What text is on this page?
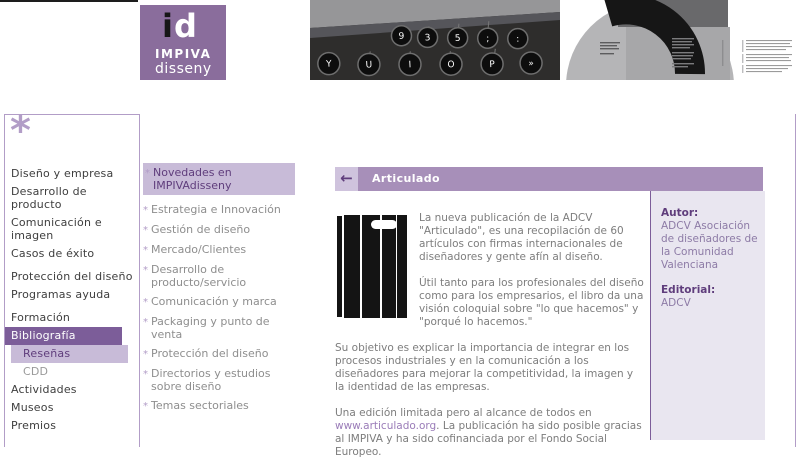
id
IMPIVA
disseny
9 3	5	;	:
Y	U	I	O	P	»
*
Diseño y empresa
Desarrollo de producto
Comunicación e imagen
Casos de éxito
Protección del diseño
Programas ayuda
Formación
Bibliografía
Reseñas
CDD
Actividades
Museos
Premios
* Novedades en IMPIVAdisseny
* Estrategia e Innovación
* Gestión de diseño
* Mercado/Clientes
* Desarrollo de producto/servicio
* Comunicación y marca
* Packaging y punto de venta
* Protección del diseño
* Directorios y estudios sobre diseño
* Temas sectoriales
←	Articulado

La nueva publicación de la ADCV "Articulado", es una recopilación de 60 artículos con firmas internacionales de diseñadores y gente afín al diseño.

Útil tanto para los profesionales del diseño como para los empresarios, el libro da una visión coloquial sobre "lo que hacemos" y "porqué lo hacemos."

Su objetivo es explicar la importancia de integrar en los procesos industriales y en la comunicación a los diseñadores para mejorar la competitividad, la imagen y la identidad de las empresas.

Una edición limitada pero al alcance de todos en www.articulado.org. La publicación ha sido posible gracias al IMPIVA y ha sido cofinanciada por el Fondo Social Europeo.

Autor:
ADCV Asociación de diseñadores de la Comunidad Valenciana
Editorial:
ADCV
